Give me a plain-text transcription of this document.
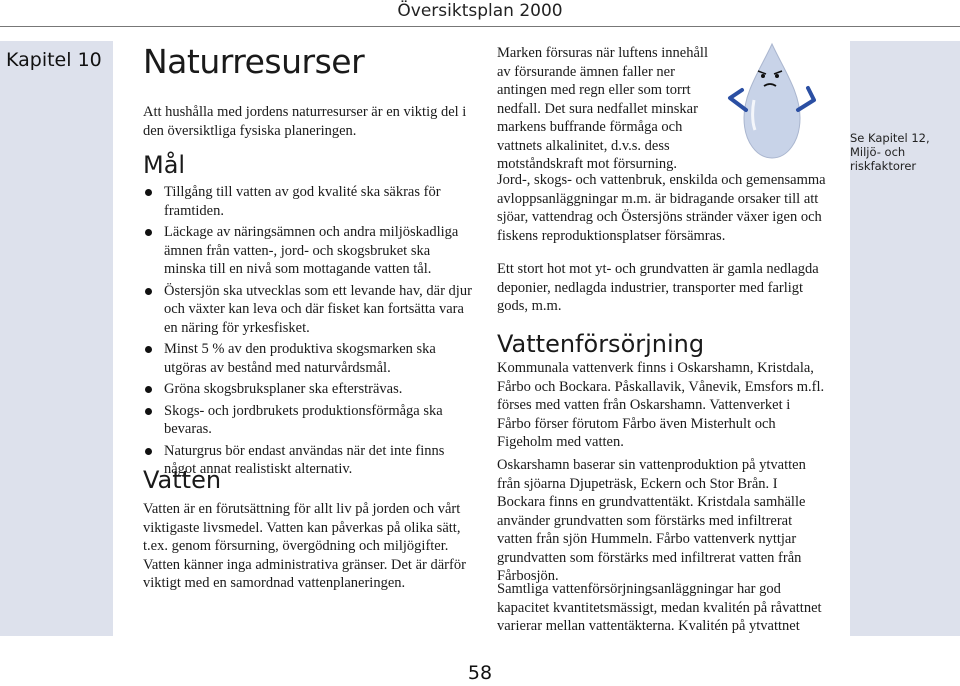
Översiktsplan 2000
Kapitel 10
Se Kapitel 12, Miljö- och riskfaktorer
Naturresurser

Att hushålla med jordens naturresurser är en viktig del i den översiktliga fysiska planeringen.

Mål
Tillgång till vatten av god kvalité ska säkras för framtiden.
Läckage av näringsämnen och andra miljöskadliga ämnen från vatten-, jord- och skogsbruket ska minska till en nivå som mottagande vatten tål.
Östersjön ska utvecklas som ett levande hav, där djur och växter kan leva och där fisket kan fortsätta vara en näring för yrkesfisket.
Minst 5 % av den produktiva skogsmarken ska utgöras av bestånd med naturvårdsmål.
Gröna skogsbruksplaner ska eftersträvas.
Skogs- och jordbrukets produktionsförmåga ska bevaras.
Naturgrus bör endast användas när det inte finns något annat realistiskt alternativ.
Vatten

Vatten är en förutsättning för allt liv på jorden och vårt viktigaste livsmedel. Vatten kan påverkas på olika sätt, t.ex. genom försurning, övergödning och miljögifter. Vatten känner inga administrativa gränser. Det är därför viktigt med en samordnad vattenplaneringen.

Marken försuras när luftens innehåll av försurande ämnen faller ner antingen med regn eller som torrt nedfall. Det sura nedfallet minskar markens buffrande förmåga och vattnets alkalinitet, d.v.s. dess motståndskraft mot försurning.

Jord-, skogs- och vattenbruk, enskilda och gemensamma avloppsanläggningar m.m. är bidragande orsaker till att sjöar, vattendrag och Östersjöns stränder växer igen och fiskens reproduktionsplatser försämras.

Ett stort hot mot yt- och grundvatten är gamla nedlagda deponier, nedlagda industrier, transporter med farligt gods, m.m.

Vattenförsörjning

Kommunala vattenverk finns i Oskarshamn, Kristdala, Fårbo och Bockara. Påskallavik, Vånevik, Emsfors m.fl. förses med vatten från Oskarshamn. Vattenverket i Fårbo förser förutom Fårbo även Misterhult och Figeholm med vatten.

Oskarshamn baserar sin vattenproduktion på ytvatten från sjöarna Djupeträsk, Eckern och Stor Brån. I Bockara finns en grundvattentäkt. Kristdala samhälle använder grundvatten som förstärks med infiltrerat vatten från sjön Hummeln. Fårbo vattenverk nyttjar grundvatten som förstärks med infiltrerat vatten från Fårbosjön.

Samtliga vattenförsörjningsanläggningar har god kapacitet kvantitetsmässigt, medan kvalitén på råvattnet varierar mellan vattentäkterna. Kvalitén på ytvattnet

58
